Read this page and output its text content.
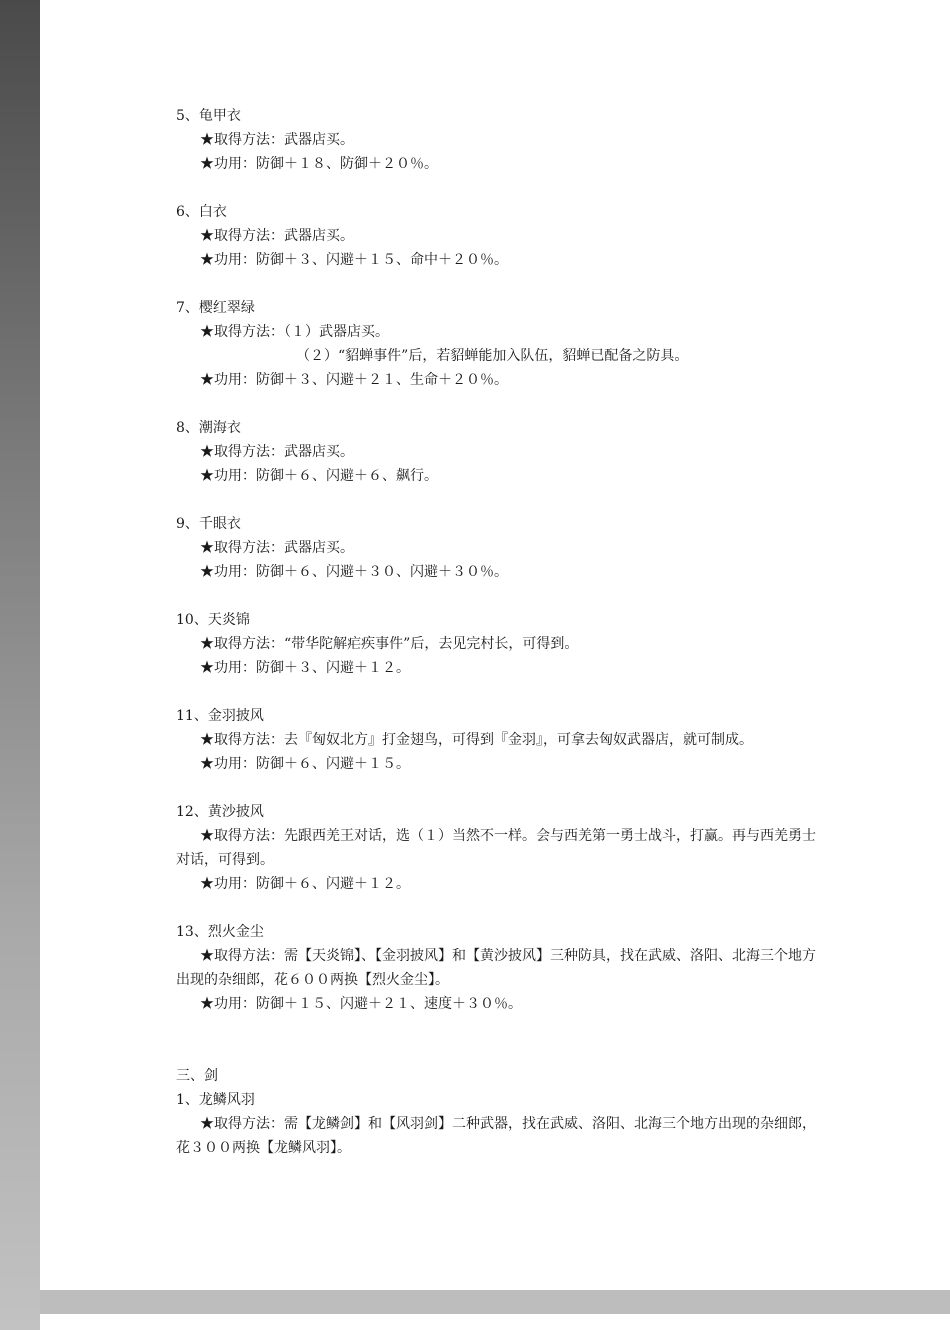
5、龟甲衣
★取得方法：武器店买。
★功用：防御＋１８、防御＋２０％。
6、白衣
★取得方法：武器店买。
★功用：防御＋３、闪避＋１５、命中＋２０％。
7、樱红翠绿
★取得方法：（１）武器店买。
（２）“貂蝉事件”后，若貂蝉能加入队伍，貂蝉已配备之防具。
★功用：防御＋３、闪避＋２１、生命＋２０％。
8、潮海衣
★取得方法：武器店买。
★功用：防御＋６、闪避＋６、飙行。
9、千眼衣
★取得方法：武器店买。
★功用：防御＋６、闪避＋３０、闪避＋３０％。
10、天炎锦
★取得方法：“带华陀解疟疾事件”后，去见完村长，可得到。
★功用：防御＋３、闪避＋１２。
11、金羽披风
★取得方法：去『匈奴北方』打金翅鸟，可得到『金羽』，可拿去匈奴武器店，就可制成。
★功用：防御＋６、闪避＋１５。
12、黄沙披风
★取得方法：先跟西羌王对话，选（１）当然不一样。会与西羌第一勇士战斗，打赢。再与西羌勇士对话，可得到。
★功用：防御＋６、闪避＋１２。
13、烈火金尘
★取得方法：需【天炎锦】、【金羽披风】和【黄沙披风】三种防具，找在武威、洛阳、北海三个地方出现的杂细郎，花６００两换【烈火金尘】。
★功用：防御＋１５、闪避＋２１、速度＋３０％。
三、剑
1、龙鳞风羽
★取得方法：需【龙鳞剑】和【风羽剑】二种武器，找在武威、洛阳、北海三个地方出现的杂细郎，花３００两换【龙鳞风羽】。
